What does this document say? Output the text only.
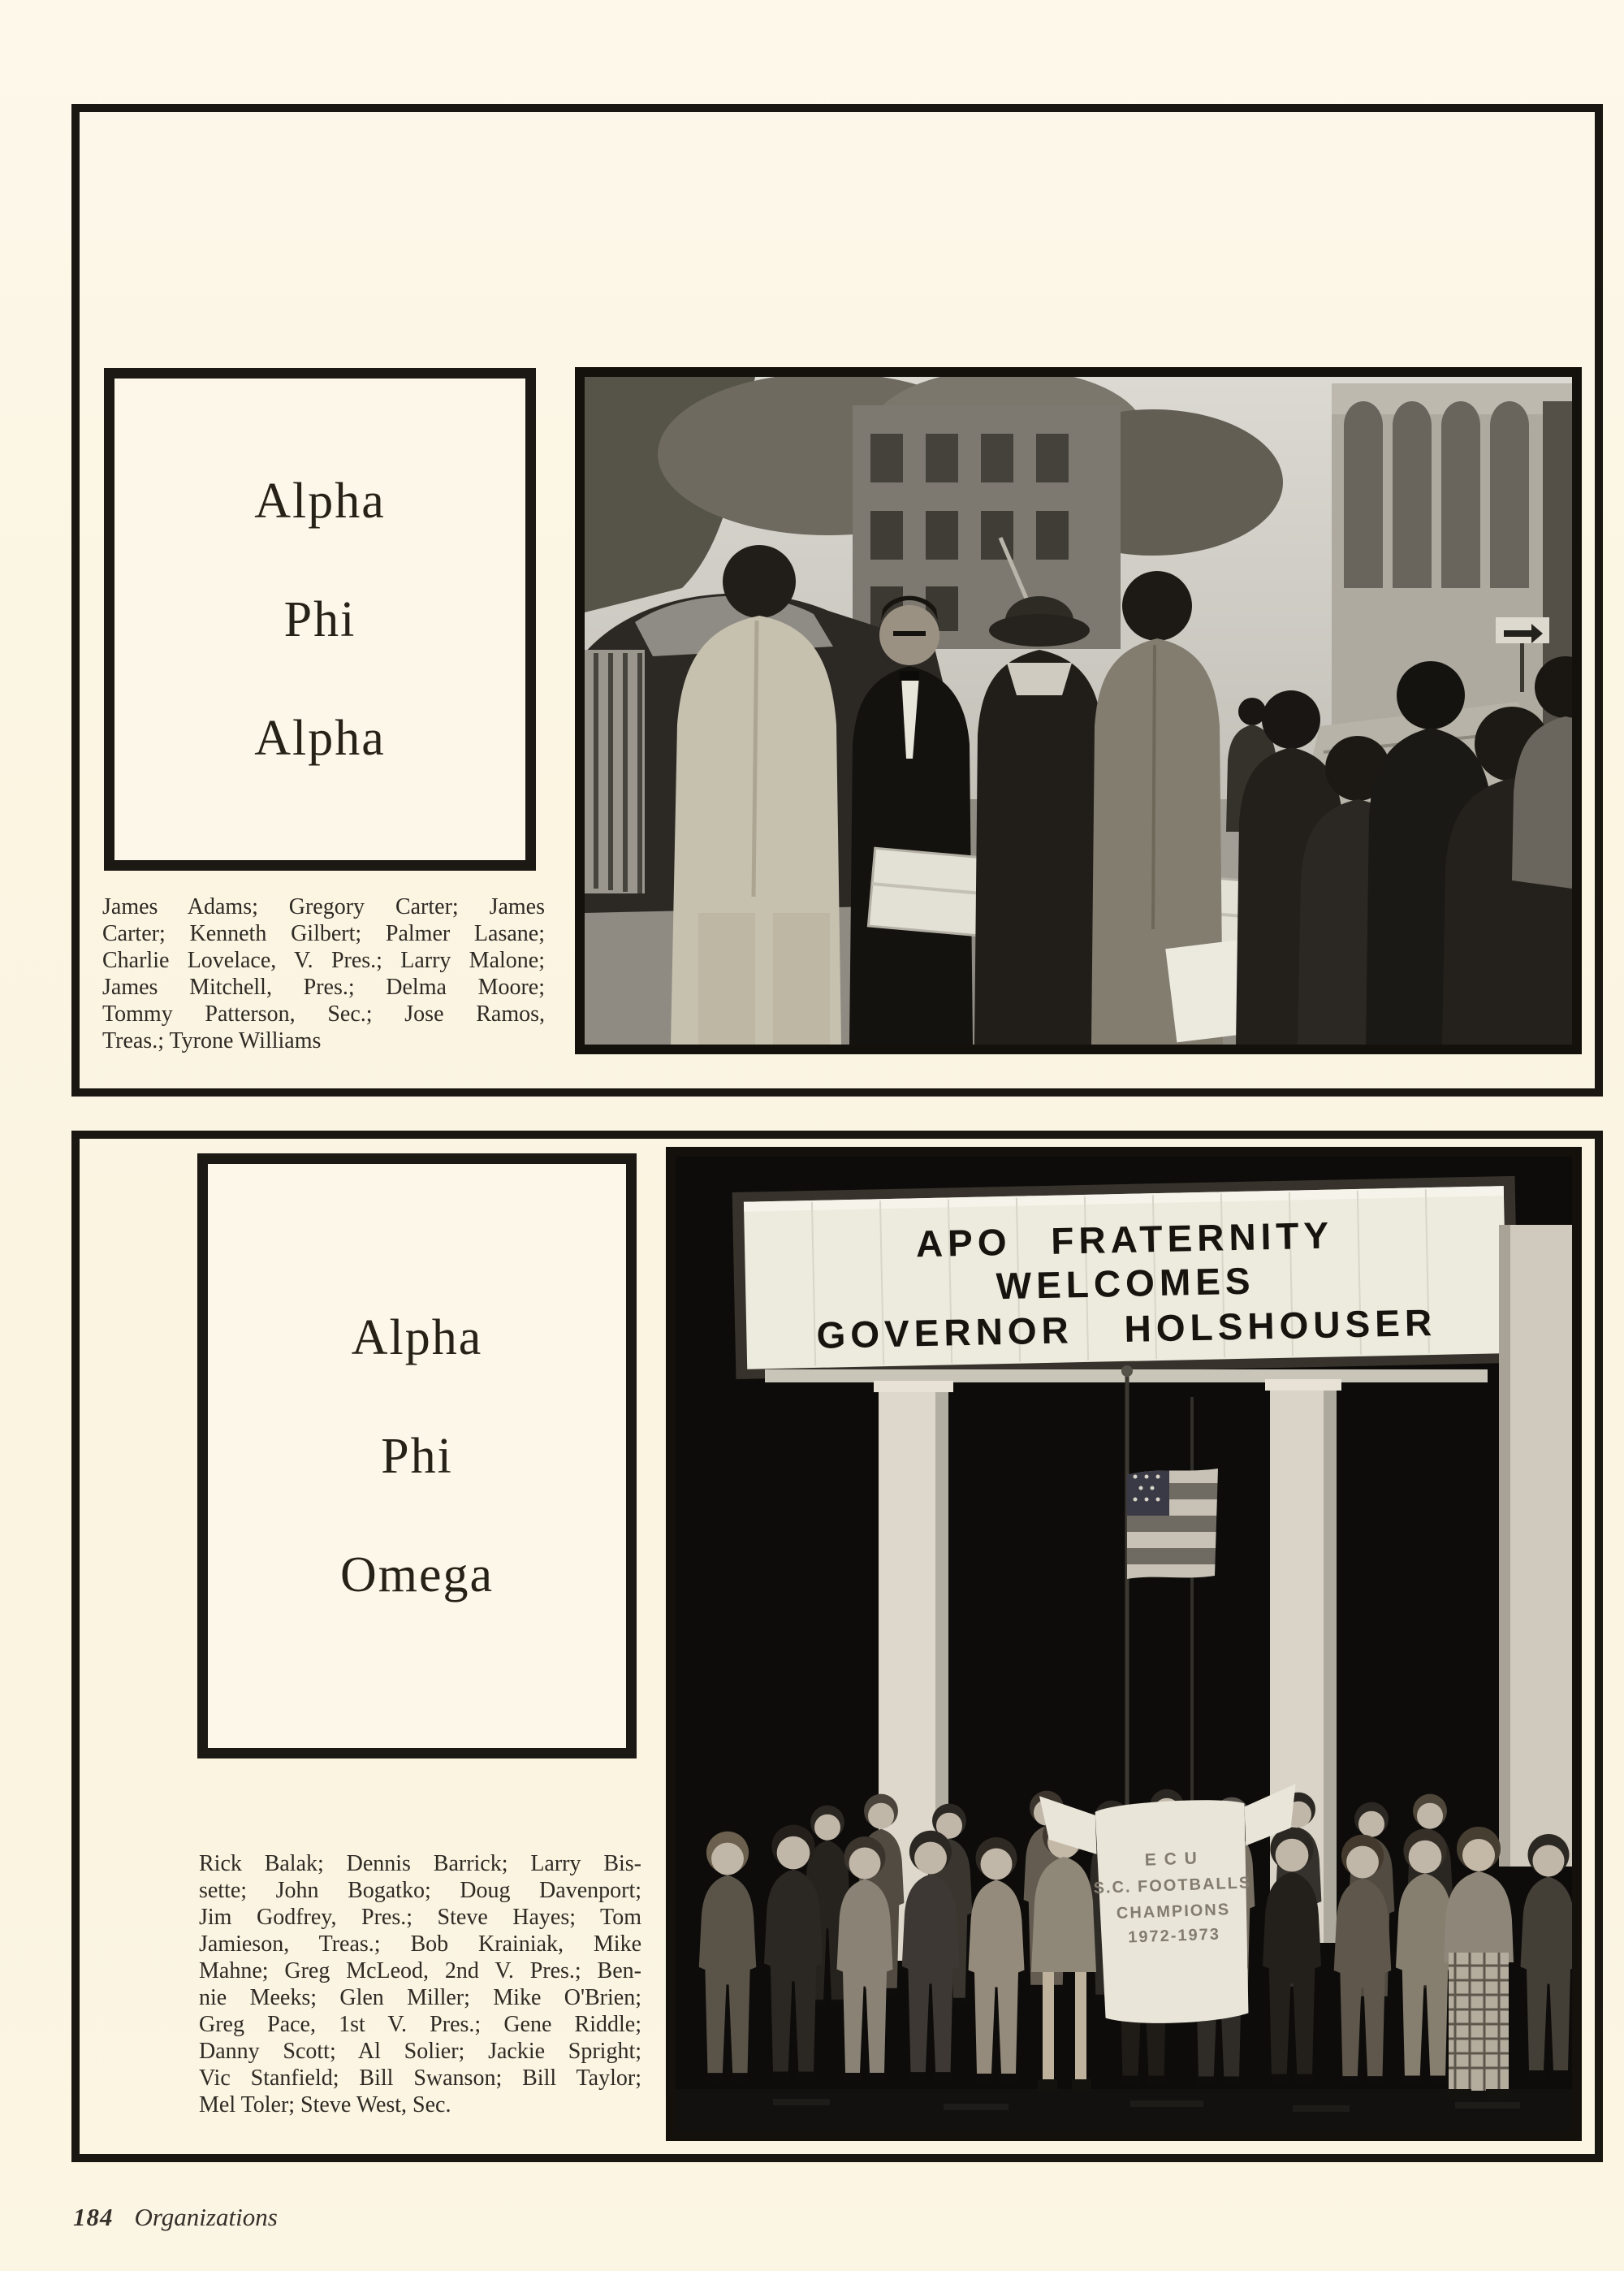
Alpha
Phi
Alpha
James Adams; Gregory Carter; James
Carter; Kenneth Gilbert; Palmer Lasane;
Charlie Lovelace, V. Pres.; Larry Malone;
James Mitchell, Pres.; Delma Moore;
Tommy Patterson, Sec.; Jose Ramos,
Treas.; Tyrone Williams
Alpha
Phi
Omega
Rick Balak; Dennis Barrick; Larry Bis-
sette; John Bogatko; Doug Davenport;
Jim Godfrey, Pres.; Steve Hayes; Tom
Jamieson, Treas.; Bob Krainiak, Mike
Mahne; Greg McLeod, 2nd V. Pres.; Ben-
nie Meeks; Glen Miller; Mike O'Brien;
Greg Pace, 1st V. Pres.; Gene Riddle;
Danny Scott; Al Solier; Jackie Spright;
Vic Stanfield; Bill Swanson; Bill Taylor;
Mel Toler; Steve West, Sec.
APO FRATERNITY
WELCOMES
GOVERNOR HOLSHOUSER
E C U
S.C. FOOTBALLS
CHAMPIONS
1972-1973
184 Organizations
